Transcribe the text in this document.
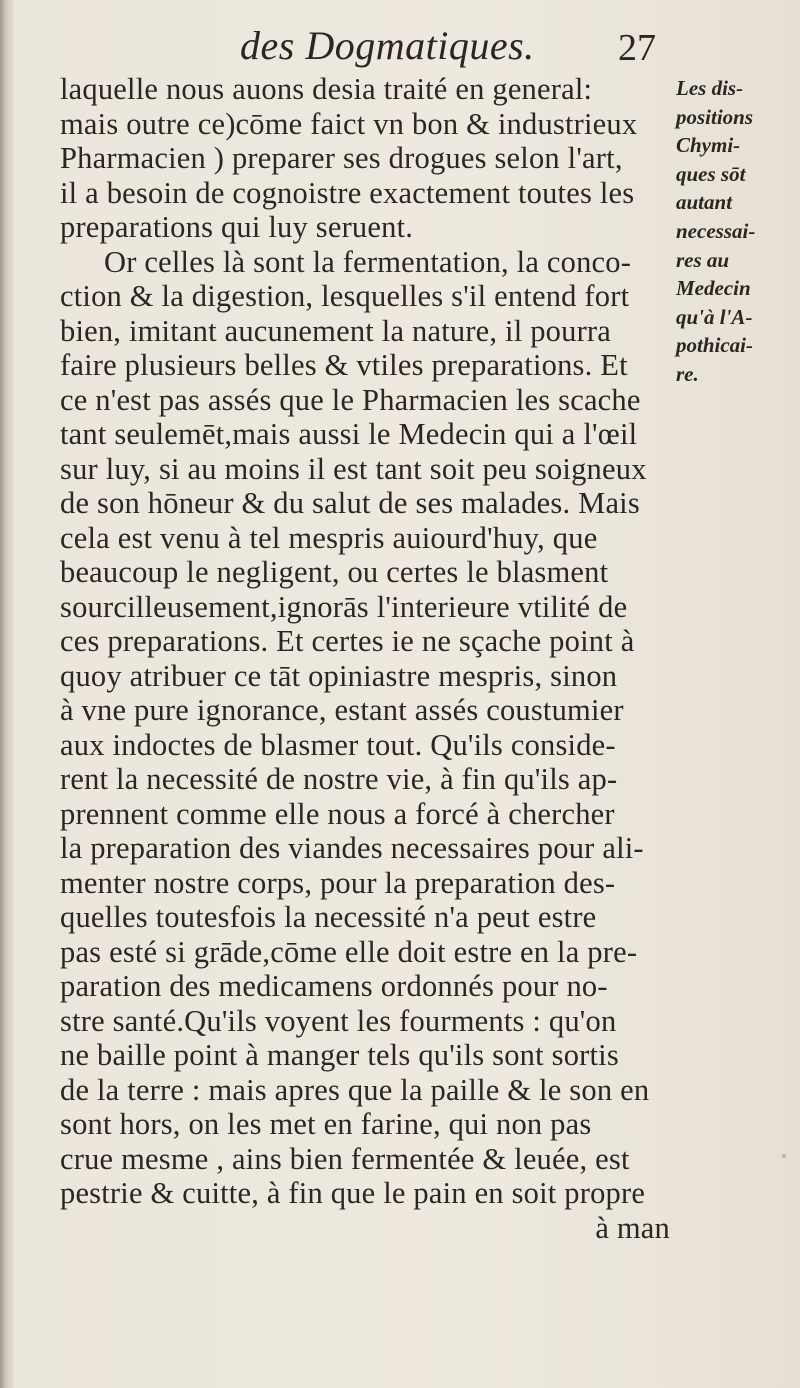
des Dogmatiques. 27
laquelle nous auons desia traité en general:
mais outre ce)cōme faict vn bon & industrieux
Pharmacien ) preparer ses drogues selon l'art,
il a besoin de cognoistre exactement toutes les
preparations qui luy seruent.
Or celles là sont la fermentation, la conco-
ction & la digestion, lesquelles s'il entend fort
bien, imitant aucunement la nature, il pourra
faire plusieurs belles & vtiles preparations. Et
ce n'est pas assés que le Pharmacien les scache
tant seulemēt,mais aussi le Medecin qui a l'œil
sur luy, si au moins il est tant soit peu soigneux
de son hōneur & du salut de ses malades. Mais
cela est venu à tel mespris auiourd'huy, que
beaucoup le negligent, ou certes le blasment
sourcilleusement,ignorās l'interieure vtilité de
ces preparations. Et certes ie ne sçache point à
quoy atribuer ce tāt opiniastre mespris, sinon
à vne pure ignorance, estant assés coustumier
aux indoctes de blasmer tout. Qu'ils conside-
rent la necessité de nostre vie, à fin qu'ils ap-
prennent comme elle nous a forcé à chercher
la preparation des viandes necessaires pour ali-
menter nostre corps, pour la preparation des-
quelles toutesfois la necessité n'a peut estre
pas esté si grāde,cōme elle doit estre en la pre-
paration des medicamens ordonnés pour no-
stre santé.Qu'ils voyent les fourments : qu'on
ne baille point à manger tels qu'ils sont sortis
de la terre : mais apres que la paille & le son en
sont hors, on les met en farine, qui non pas
crue mesme , ains bien fermentée & leuée, est
pestrie & cuitte, à fin que le pain en soit propre
à man
Les dis-
positions
Chymi-
ques sōt
autant
necessai-
res au
Medecin
qu'à l'A-
pothicai-
re.
